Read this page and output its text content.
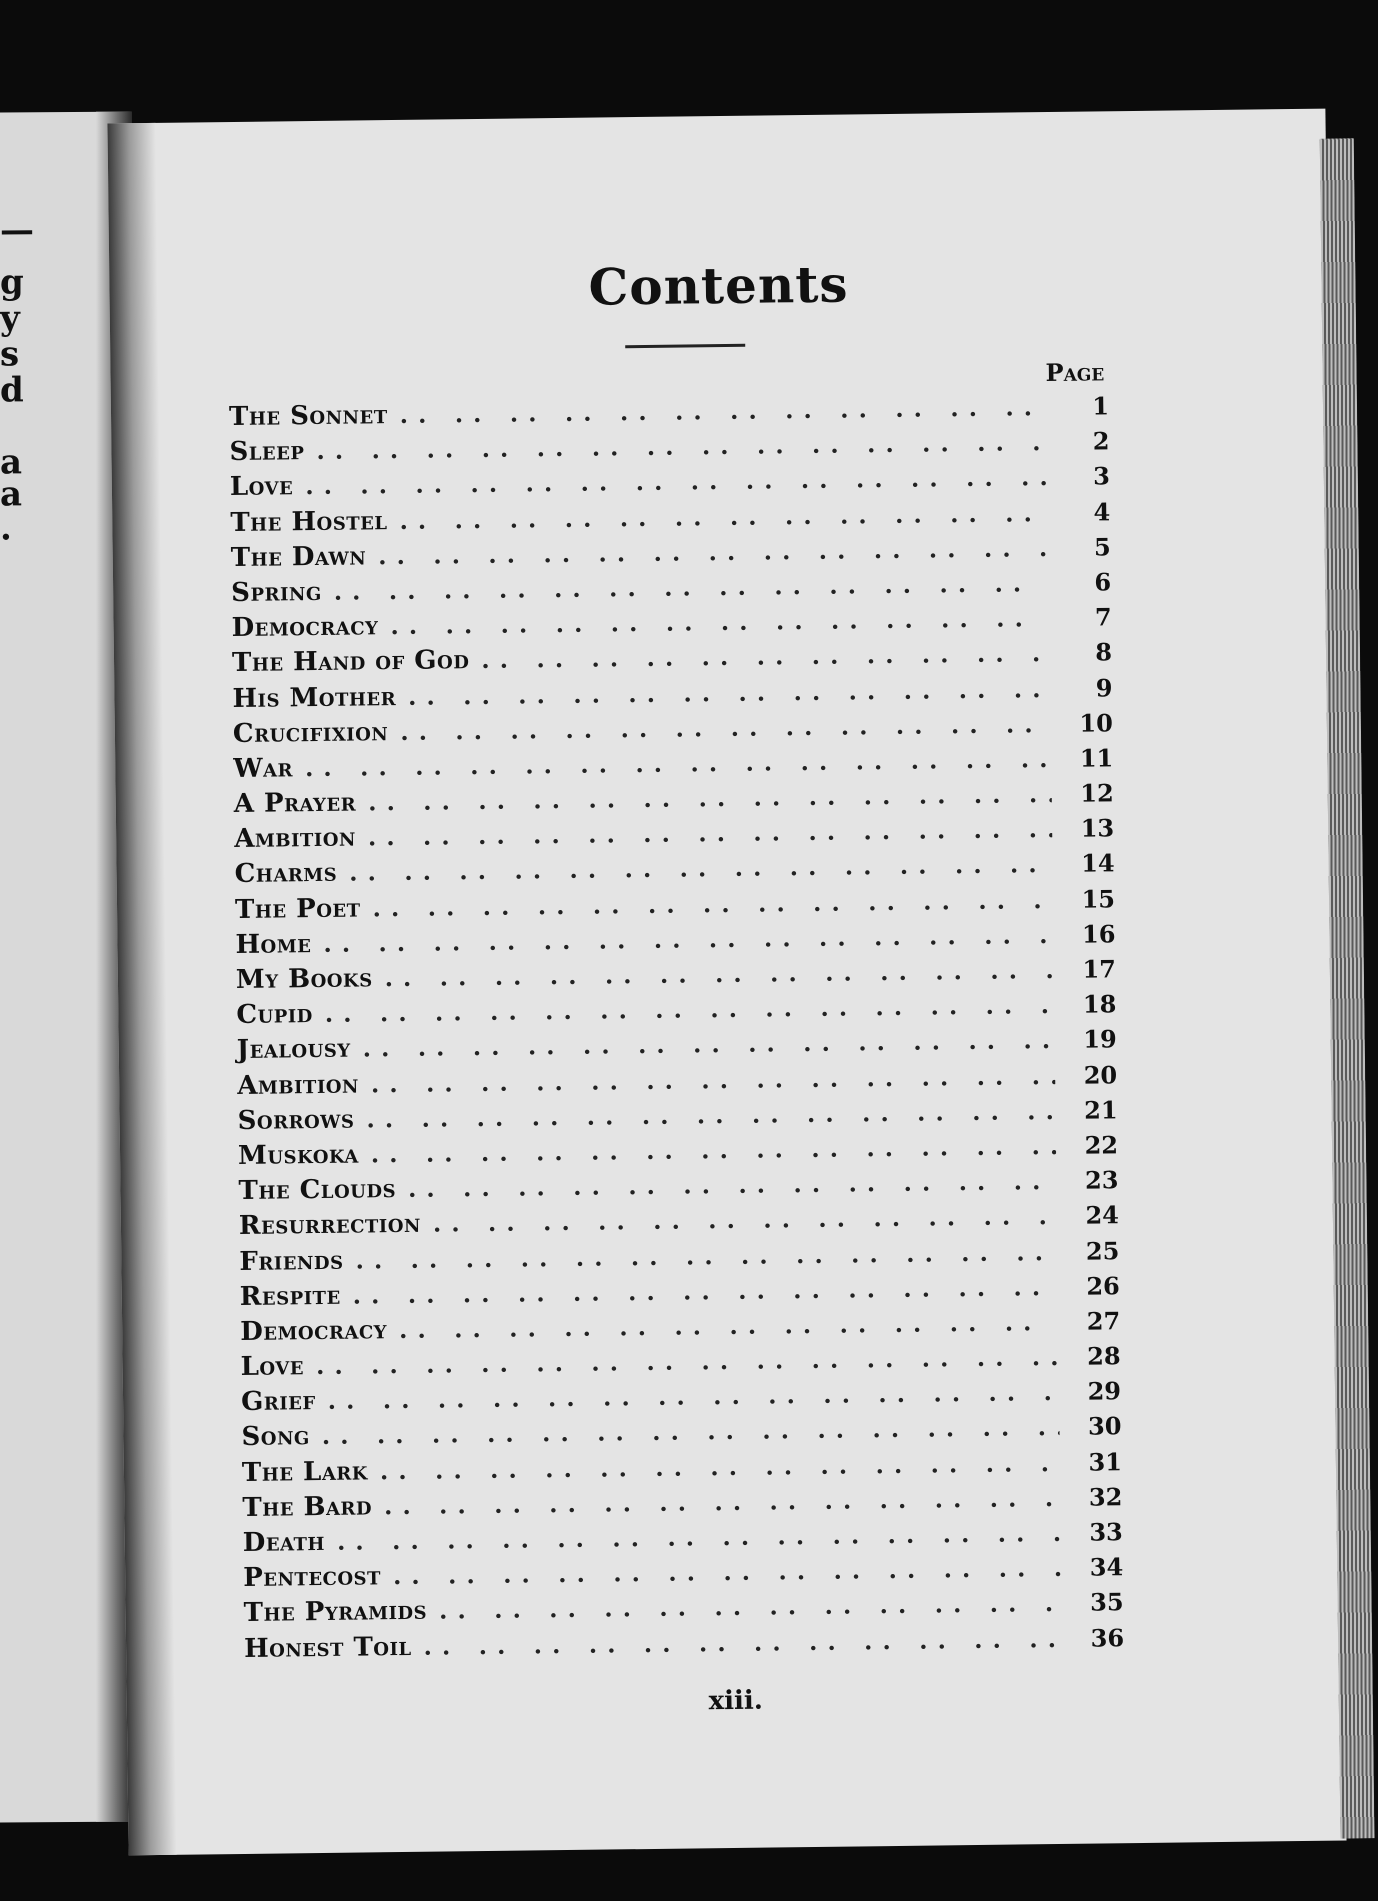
—
g
y
s
d
a
a
.
Contents
Page
The Sonnet .. ..	1
Sleep .. ..	2
Love .. ..	3
The Hostel .. ..	4
The Dawn .. ..	5
Spring .. ..	6
Democracy .. ..	7
The Hand of God .. ..	8
His Mother .. ..	9
Crucifixion .. ..	10
War .. ..	11
A Prayer .. ..	12
Ambition .. ..	13
Charms .. ..	14
The Poet .. ..	15
Home .. ..	16
My Books .. ..	17
Cupid .. ..	18
Jealousy .. ..	19
Ambition .. ..	20
Sorrows .. ..	21
Muskoka .. ..	22
The Clouds .. ..	23
Resurrection .. ..	24
Friends .. ..	25
Respite .. ..	26
Democracy .. ..	27
Love .. ..	28
Grief .. ..	29
Song .. ..	30
The Lark .. ..	31
The Bard .. ..	32
Death .. ..	33
Pentecost .. ..	34
The Pyramids .. ..	35
Honest Toil .. ..	36
xiii.
